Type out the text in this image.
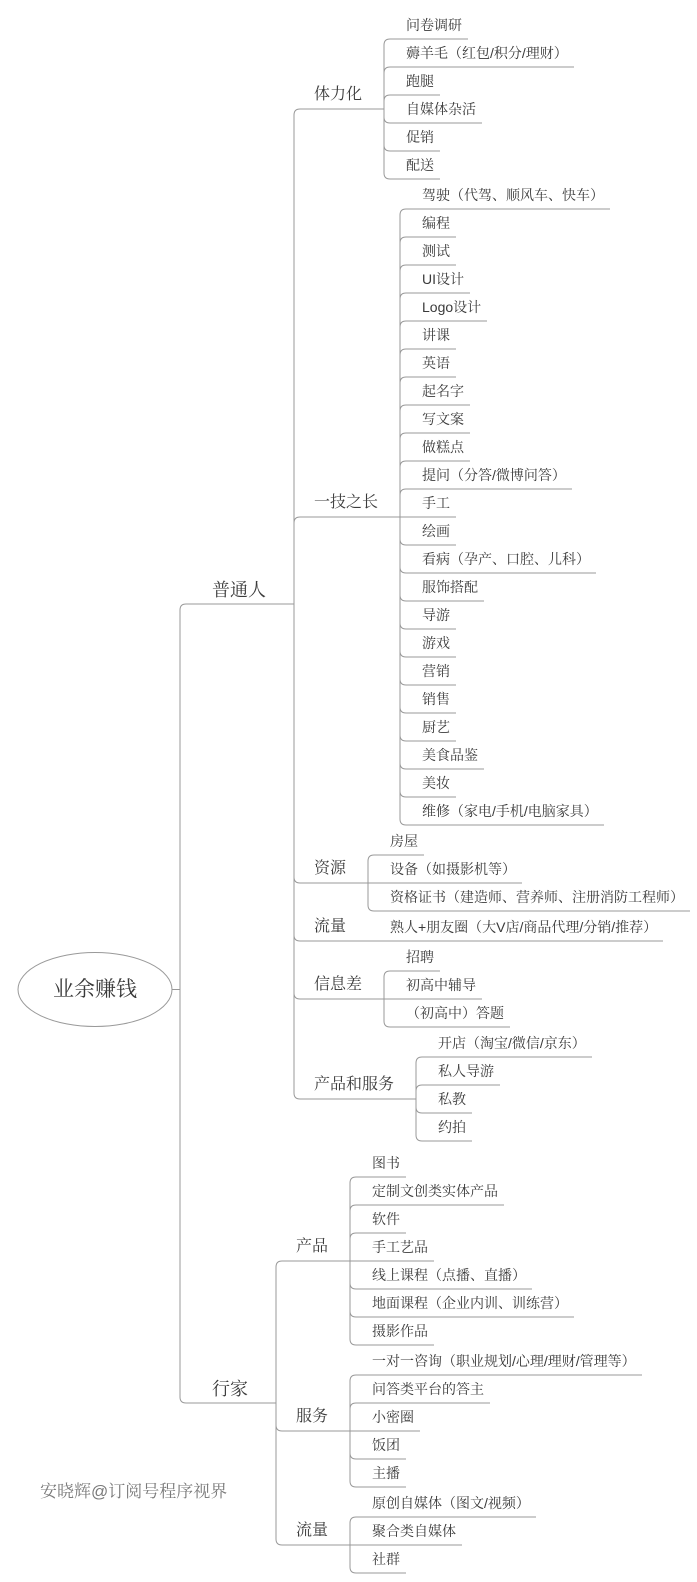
普通人
体力化
问卷调研
薅羊毛（红包/积分/理财）
跑腿
自媒体杂活
促销
配送
一技之长
驾驶（代驾、顺风车、快车）
编程
测试
UI设计
Logo设计
讲课
英语
起名字
写文案
做糕点
提问（分答/微博问答）
手工
绘画
看病（孕产、口腔、儿科）
服饰搭配
导游
游戏
营销
销售
厨艺
美食品鉴
美妆
维修（家电/手机/电脑家具）
资源
房屋
设备（如摄影机等）
资格证书（建造师、营养师、注册消防工程师）
流量	熟人+朋友圈（大V店/商品代理/分销/推荐）
信息差
招聘
初高中辅导
（初高中）答题
产品和服务
开店（淘宝/微信/京东）
私人导游
私教
约拍
行家
产品
图书
定制文创类实体产品
软件
手工艺品
线上课程（点播、直播）
地面课程（企业内训、训练营）
摄影作品
服务
一对一咨询（职业规划/心理/理财/管理等）
问答类平台的答主
小密圈
饭团
主播
流量
原创自媒体（图文/视频）
聚合类自媒体
社群
业余赚钱
安晓辉@订阅号程序视界
